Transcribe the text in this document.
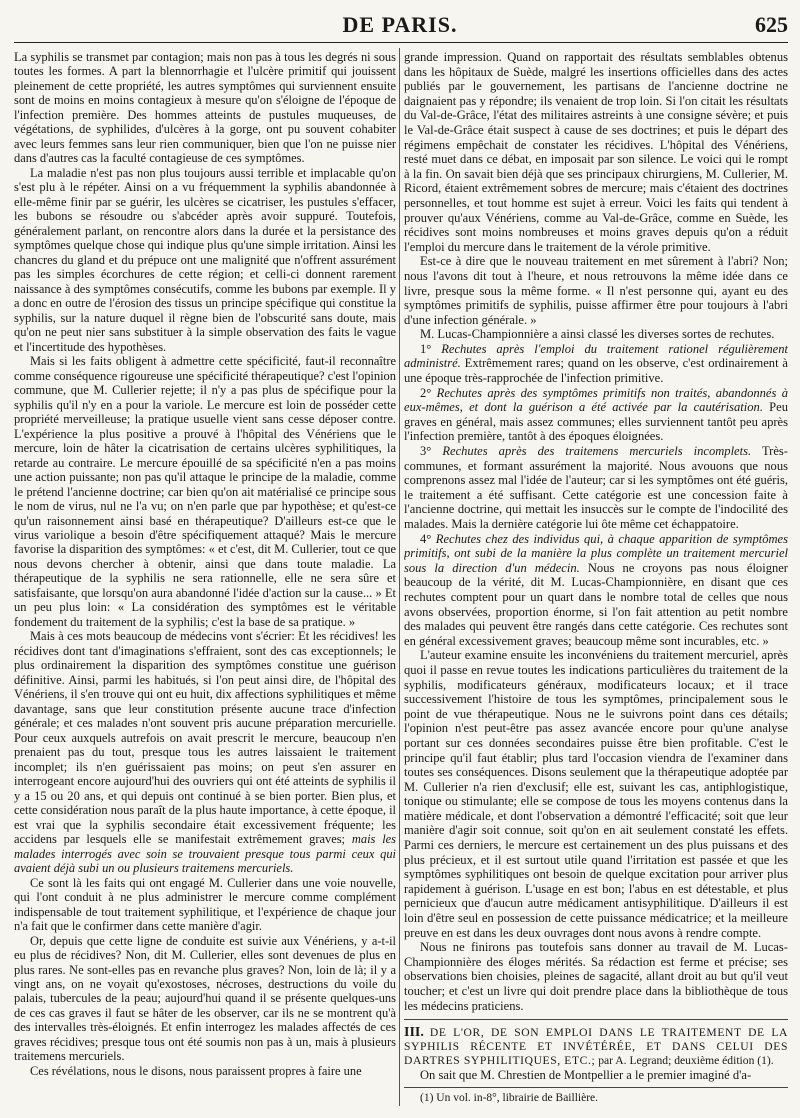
DE PARIS.	625

La syphilis se transmet par contagion; mais non pas à tous les degrés ni sous toutes les formes. A part la blennorrhagie et l'ulcère primitif qui jouissent pleinement de cette propriété, les autres symptômes qui surviennent ensuite sont de moins en moins contagieux à mesure qu'on s'éloigne de l'époque de l'infection première. Des hommes atteints de pustules muqueuses, de végétations, de syphilides, d'ulcères à la gorge, ont pu souvent cohabiter avec leurs femmes sans leur rien communiquer, bien que l'on ne puisse nier dans d'autres cas la faculté contagieuse de ces symptômes.

La maladie n'est pas non plus toujours aussi terrible et implacable qu'on s'est plu à le répéter. Ainsi on a vu fréquemment la syphilis abandonnée à elle-même finir par se guérir, les ulcères se cicatriser, les pustules s'effacer, les bubons se résoudre ou s'abcéder après avoir suppuré. Toutefois, généralement parlant, on rencontre alors dans la durée et la persistance des symptômes quelque chose qui indique plus qu'une simple irritation. Ainsi les chancres du gland et du prépuce ont une malignité que n'offrent assurément pas les simples écorchures de cette région; et celli-ci donnent rarement naissance à des symptômes consécutifs, comme les bubons par exemple. Il y a donc en outre de l'érosion des tissus un principe spécifique qui constitue la syphilis, sur la nature duquel il règne bien de l'obscurité sans doute, mais qu'on ne peut nier sans substituer à la simple observation des faits le vague et l'incertitude des hypothèses.

Mais si les faits obligent à admettre cette spécificité, faut-il reconnaître comme conséquence rigoureuse une spécificité thérapeutique? c'est l'opinion commune, que M. Cullerier rejette; il n'y a pas plus de spécifique pour la syphilis qu'il n'y en a pour la variole. Le mercure est loin de posséder cette propriété merveilleuse; la pratique usuelle vient sans cesse déposer contre. L'expérience la plus positive a prouvé à l'hôpital des Vénériens que le mercure, loin de hâter la cicatrisation de certains ulcères syphilitiques, la retarde au contraire. Le mercure épouillé de sa spécificité n'en a pas moins une action puissante; non pas qu'il attaque le principe de la maladie, comme le prétend l'ancienne doctrine; car bien qu'on ait matérialisé ce principe sous le nom de virus, nul ne l'a vu; on n'en parle que par hypothèse; et qu'est-ce qu'un raisonnement ainsi basé en thérapeutique? D'ailleurs est-ce que le virus variolique a besoin d'être spécifiquement attaqué? Mais le mercure favorise la disparition des symptômes: « et c'est, dit M. Cullerier, tout ce que nous devons chercher à obtenir, ainsi que dans toute maladie. La thérapeutique de la syphilis ne sera rationnelle, elle ne sera sûre et satisfaisante, que lorsqu'on aura abandonné l'idée d'action sur la cause... » Et un peu plus loin: « La considération des symptômes est le véritable fondement du traitement de la syphilis; c'est la base de sa pratique. »

Mais à ces mots beaucoup de médecins vont s'écrier: Et les récidives! les récidives dont tant d'imaginations s'effraient, sont des cas exceptionnels; le plus ordinairement la disparition des symptômes constitue une guérison définitive. Ainsi, parmi les habitués, si l'on peut ainsi dire, de l'hôpital des Vénériens, il s'en trouve qui ont eu huit, dix affections syphilitiques et même davantage, sans que leur constitution présente aucune trace d'infection générale; et ces malades n'ont souvent pris aucune préparation mercurielle. Pour ceux auxquels autrefois on avait prescrit le mercure, beaucoup n'en prenaient pas du tout, presque tous les autres laissaient le traitement incomplet; ils n'en guérissaient pas moins; on peut s'en assurer en interrogeant encore aujourd'hui des ouvriers qui ont été atteints de syphilis il y a 15 ou 20 ans, et qui depuis ont continué à se bien porter. Bien plus, et cette considération nous paraît de la plus haute importance, à cette époque, il est vrai que la syphilis secondaire était excessivement fréquente; les accidens par lesquels elle se manifestait extrêmement graves; mais les malades interrogés avec soin se trouvaient presque tous parmi ceux qui avaient déjà subi un ou plusieurs traitemens mercuriels.

Ce sont là les faits qui ont engagé M. Cullerier dans une voie nouvelle, qui l'ont conduit à ne plus administrer le mercure comme complément indispensable de tout traitement syphilitique, et l'expérience de chaque jour n'a fait que le confirmer dans cette manière d'agir.

Or, depuis que cette ligne de conduite est suivie aux Vénériens, y a-t-il eu plus de récidives? Non, dit M. Cullerier, elles sont devenues de plus en plus rares. Ne sont-elles pas en revanche plus graves? Non, loin de là; il y a vingt ans, on ne voyait qu'exostoses, nécroses, destructions du voile du palais, tubercules de la peau; aujourd'hui quand il se présente quelques-uns de ces cas graves il faut se hâter de les observer, car ils ne se montrent qu'à des intervalles très-éloignés. Et enfin interrogez les malades affectés de ces graves récidives; presque tous ont été soumis non pas à un, mais à plusieurs traitemens mercuriels.

Ces révélations, nous le disons, nous paraissent propres à faire une

grande impression. Quand on rapportait des résultats semblables obtenus dans les hôpitaux de Suède, malgré les insertions officielles dans des actes publiés par le gouvernement, les partisans de l'ancienne doctrine ne daignaient pas y répondre; ils venaient de trop loin. Si l'on citait les résultats du Val-de-Grâce, l'état des militaires astreints à une consigne sévère; et puis le Val-de-Grâce était suspect à cause de ses doctrines; et puis le départ des régimens empêchait de constater les récidives. L'hôpital des Vénériens, resté muet dans ce débat, en imposait par son silence. Le voici qui le rompt à la fin. On savait bien déjà que ses principaux chirurgiens, M. Cullerier, M. Ricord, étaient extrêmement sobres de mercure; mais c'étaient des doctrines personnelles, et tout homme est sujet à erreur. Voici les faits qui tendent à prouver qu'aux Vénériens, comme au Val-de-Grâce, comme en Suède, les récidives sont moins nombreuses et moins graves depuis qu'on a réduit l'emploi du mercure dans le traitement de la vérole primitive.

Est-ce à dire que le nouveau traitement en met sûrement à l'abri? Non; nous l'avons dit tout à l'heure, et nous retrouvons la même idée dans ce livre, presque sous la même forme. « Il n'est personne qui, ayant eu des symptômes primitifs de syphilis, puisse affirmer être pour toujours à l'abri d'une infection générale. »

M. Lucas-Championnière a ainsi classé les diverses sortes de rechutes.

1° Rechutes après l'emploi du traitement rationel régulièrement administré. Extrêmement rares; quand on les observe, c'est ordinairement à une époque très-rapprochée de l'infection primitive.

2° Rechutes après des symptômes primitifs non traités, abandonnés à eux-mêmes, et dont la guérison a été activée par la cautérisation. Peu graves en général, mais assez communes; elles surviennent tantôt peu après l'infection première, tantôt à des époques éloignées.

3° Rechutes après des traitemens mercuriels incomplets. Très-communes, et formant assurément la majorité. Nous avouons que nous comprenons assez mal l'idée de l'auteur; car si les symptômes ont été guéris, le traitement a été suffisant. Cette catégorie est une concession faite à l'ancienne doctrine, qui mettait les insuccès sur le compte de l'indocilité des malades. Mais la dernière catégorie lui ôte même cet échappatoire.

4° Rechutes chez des individus qui, à chaque apparition de symptômes primitifs, ont subi de la manière la plus complète un traitement mercuriel sous la direction d'un médecin. Nous ne croyons pas nous éloigner beaucoup de la vérité, dit M. Lucas-Championnière, en disant que ces rechutes comptent pour un quart dans le nombre total de celles que nous avons observées, proportion énorme, si l'on fait attention au petit nombre des malades qui peuvent être rangés dans cette catégorie. Ces rechutes sont en général excessivement graves; beaucoup même sont incurables, etc. »

L'auteur examine ensuite les inconvéniens du traitement mercuriel, après quoi il passe en revue toutes les indications particulières du traitement de la syphilis, modificateurs généraux, modificateurs locaux; et il trace successivement l'histoire de tous les symptômes, principalement sous le point de vue thérapeutique. Nous ne le suivrons point dans ces détails; l'opinion n'est peut-être pas assez avancée encore pour qu'une analyse portant sur ces données secondaires puisse être bien profitable. C'est le principe qu'il faut établir; plus tard l'occasion viendra de l'examiner dans toutes ses conséquences. Disons seulement que la thérapeutique adoptée par M. Cullerier n'a rien d'exclusif; elle est, suivant les cas, antiphlogistique, tonique ou stimulante; elle se compose de tous les moyens contenus dans la matière médicale, et dont l'observation a démontré l'efficacité; soit que leur manière d'agir soit connue, soit qu'on en ait seulement constaté les effets. Parmi ces derniers, le mercure est certainement un des plus puissans et des plus précieux, et il est surtout utile quand l'irritation est passée et que les symptômes syphilitiques ont besoin de quelque excitation pour arriver plus rapidement à guérison. L'usage en est bon; l'abus en est détestable, et plus pernicieux que d'aucun autre médicament antisyphilitique. D'ailleurs il est loin d'être seul en possession de cette puissance médicatrice; et la meilleure preuve en est dans les deux ouvrages dont nous avons à rendre compte.

Nous ne finirons pas toutefois sans donner au travail de M. Lucas-Championnière des éloges mérités. Sa rédaction est ferme et précise; ses observations bien choisies, pleines de sagacité, allant droit au but qu'il veut toucher; et c'est un livre qui doit prendre place dans la bibliothèque de tous les médecins praticiens.

III. DE L'OR, DE SON EMPLOI DANS LE TRAITEMENT DE LA SYPHILIS RÉCENTE ET INVÉTÉRÉE, ET DANS CELUI DES DARTRES SYPHILITIQUES, ETC.; par A. Legrand; deuxième édition (1).

On sait que M. Chrestien de Montpellier a le premier imaginé d'a-

(1) Un vol. in-8°, librairie de Baillière.
